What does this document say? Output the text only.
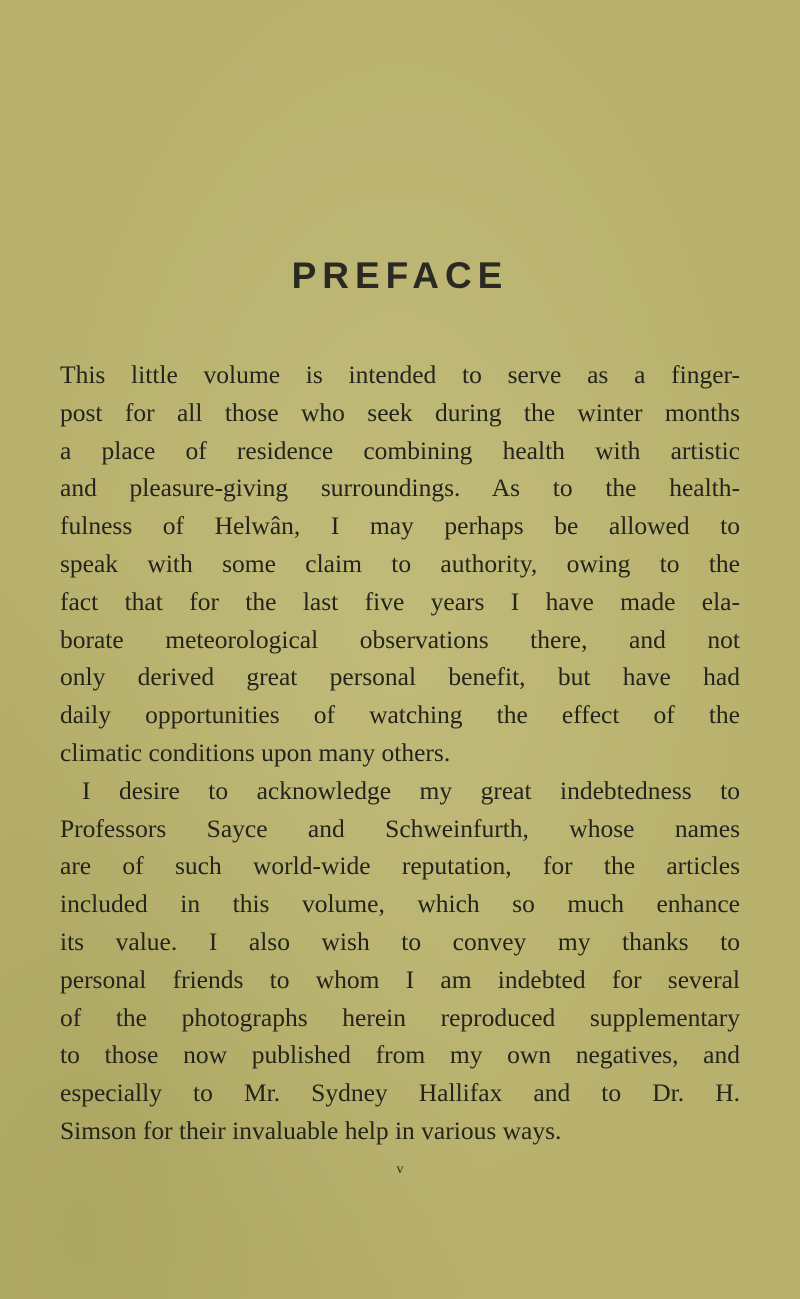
PREFACE
This little volume is intended to serve as a finger-
post for all those who seek during the winter months
a place of residence combining health with artistic
and pleasure-giving surroundings. As to the health-
fulness of Helwân, I may perhaps be allowed to
speak with some claim to authority, owing to the
fact that for the last five years I have made ela-
borate meteorological observations there, and not
only derived great personal benefit, but have had
daily opportunities of watching the effect of the
climatic conditions upon many others.
I desire to acknowledge my great indebtedness to
Professors Sayce and Schweinfurth, whose names
are of such world-wide reputation, for the articles
included in this volume, which so much enhance
its value. I also wish to convey my thanks to
personal friends to whom I am indebted for several
of the photographs herein reproduced supplementary
to those now published from my own negatives, and
especially to Mr. Sydney Hallifax and to Dr. H.
Simson for their invaluable help in various ways.
v
